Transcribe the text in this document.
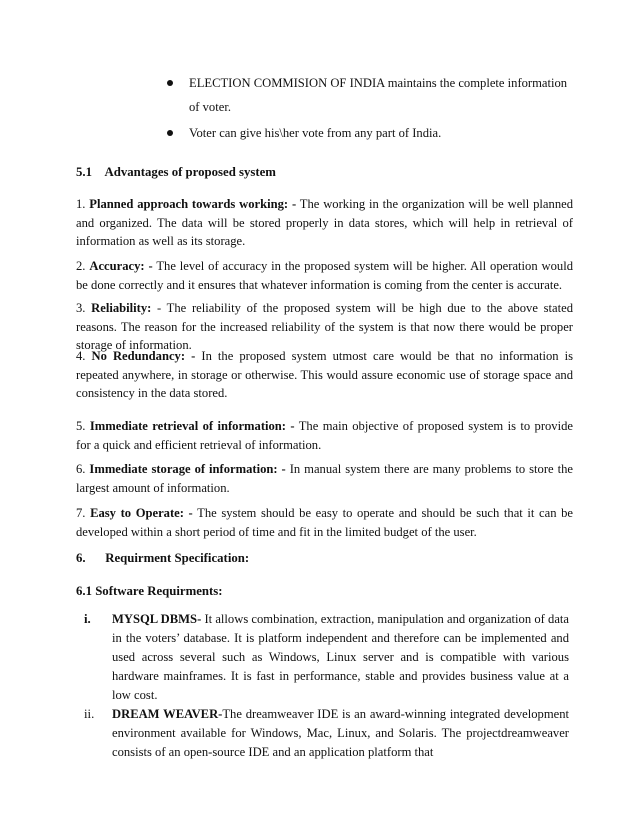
ELECTION COMMISION OF INDIA maintains the complete information of voter.

Voter can give his\her vote from any part of India.

5.1 Advantages of proposed system

1. Planned approach towards working: - The working in the organization will be well planned and organized. The data will be stored properly in data stores, which will help in retrieval of information as well as its storage.

2. Accuracy: - The level of accuracy in the proposed system will be higher. All operation would be done correctly and it ensures that whatever information is coming from the center is accurate.

3. Reliability: - The reliability of the proposed system will be high due to the above stated reasons. The reason for the increased reliability of the system is that now there would be proper storage of information.

4. No Redundancy: - In the proposed system utmost care would be that no information is repeated anywhere, in storage or otherwise. This would assure economic use of storage space and consistency in the data stored.

5. Immediate retrieval of information: - The main objective of proposed system is to provide for a quick and efficient retrieval of information.

6. Immediate storage of information: - In manual system there are many problems to store the largest amount of information.

7. Easy to Operate: - The system should be easy to operate and should be such that it can be developed within a short period of time and fit in the limited budget of the user.

6. Requirment Specification:
6.1 Software Requirments:
i.	MYSQL DBMS- It allows combination, extraction, manipulation and organization of data in the voters’ database. It is platform independent and therefore can be implemented and used across several such as Windows, Linux server and is compatible with various hardware mainframes. It is fast in performance, stable and provides business value at a low cost.

ii.	DREAM WEAVER-The dreamweaver IDE is an award-winning integrated development environment available for Windows, Mac, Linux, and Solaris. The projectdreamweaver consists of an open-source IDE and an application platform that
